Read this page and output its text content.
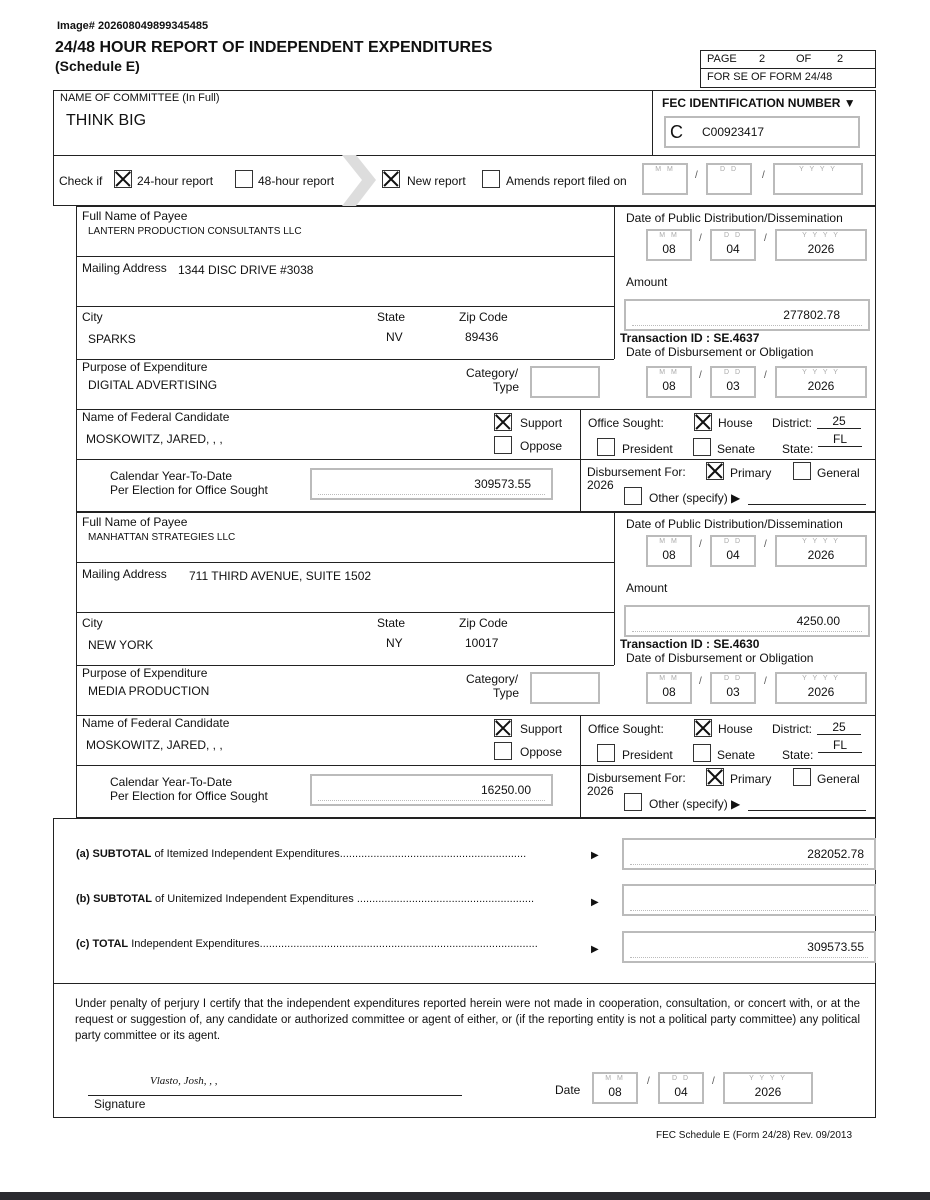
Image# 202608049899345485
24/48 HOUR REPORT OF INDEPENDENT EXPENDITURES
(Schedule E)	PAGE 2	OF 2
FOR SE OF FORM 24/48
NAME OF COMMITTEE (In Full)
THINK BIG
FEC IDENTIFICATION NUMBER ▼
C C00923417
Check if	24-hour report	48-hour report	New report	Amends report filed on
M M
/
D D
/
Y Y Y Y
Full Name of Payee
LANTERN PRODUCTION CONSULTANTS LLC
Mailing Address 1344 DISC DRIVE #3038
City
SPARKS
State
NV
Zip Code
89436
Purpose of Expenditure
DIGITAL ADVERTISING
Category/
Type
Name of Federal Candidate
MOSKOWITZ, JARED, , ,
Support
Oppose
Office Sought:	House District:	25
President	Senate State:
FL
Calendar Year-To-Date
Per Election for Office Sought	309573.55
Disbursement For:
2026
Primary	General
Other (specify) ▶
Date of Public Distribution/Dissemination
M M
08
/	D D
04
/	Y Y Y Y
2026
Amount
277802.78
Transaction ID : SE.4637
Date of Disbursement or Obligation
M M
08
/	D D
03
/	Y Y Y Y
2026
Full Name of Payee
MANHATTAN STRATEGIES LLC
Mailing Address 711 THIRD AVENUE, SUITE 1502
City
NEW YORK
State
NY
Zip Code
10017
Purpose of Expenditure
MEDIA PRODUCTION
Category/
Type
Name of Federal Candidate
MOSKOWITZ, JARED, , ,
Support
Oppose
Office Sought:	House District:	25
President	Senate State:
FL
Calendar Year-To-Date
Per Election for Office Sought	16250.00
Disbursement For:
2026
Primary	General
Other (specify) ▶
Date of Public Distribution/Dissemination
M M
08
/	D D
04
/	Y Y Y Y
2026
Amount
4250.00
Transaction ID : SE.4630
Date of Disbursement or Obligation
M M
08
/	D D
03
/	Y Y Y Y
2026
(a) SUBTOTAL of Itemized Independent Expenditures.............................................................	▶	282052.78
(b) SUBTOTAL of Unitemized Independent Expenditures ..........................................................	▶
(c) TOTAL Independent Expenditures...........................................................................................	▶	309573.55
Under penalty of perjury I certify that the independent expenditures reported herein were not made in cooperation, consultation, or concert with, or at the request or suggestion of, any candidate or authorized committee or agent of either, or (if the reporting entity is not a political party committee) any political party committee or its agent.
Vlasto, Josh, , ,
Signature
Date
M M
08
/	D D
04
/	Y Y Y Y
2026
FEC Schedule E (Form 24/28) Rev. 09/2013
